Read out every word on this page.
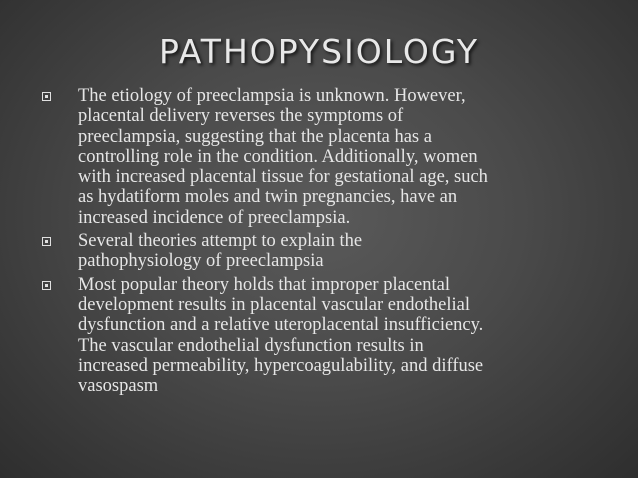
PATHOPYSIOLOGY
The etiology of preeclampsia is unknown. However,
placental delivery reverses the symptoms of
preeclampsia, suggesting that the placenta has a
controlling role in the condition. Additionally, women
with increased placental tissue for gestational age, such
as hydatiform moles and twin pregnancies, have an
increased incidence of preeclampsia.
Several theories attempt to explain the
pathophysiology of preeclampsia
Most popular theory holds that improper placental
development results in placental vascular endothelial
dysfunction and a relative uteroplacental insufficiency.
The vascular endothelial dysfunction results in
increased permeability, hypercoagulability, and diffuse
vasospasm
